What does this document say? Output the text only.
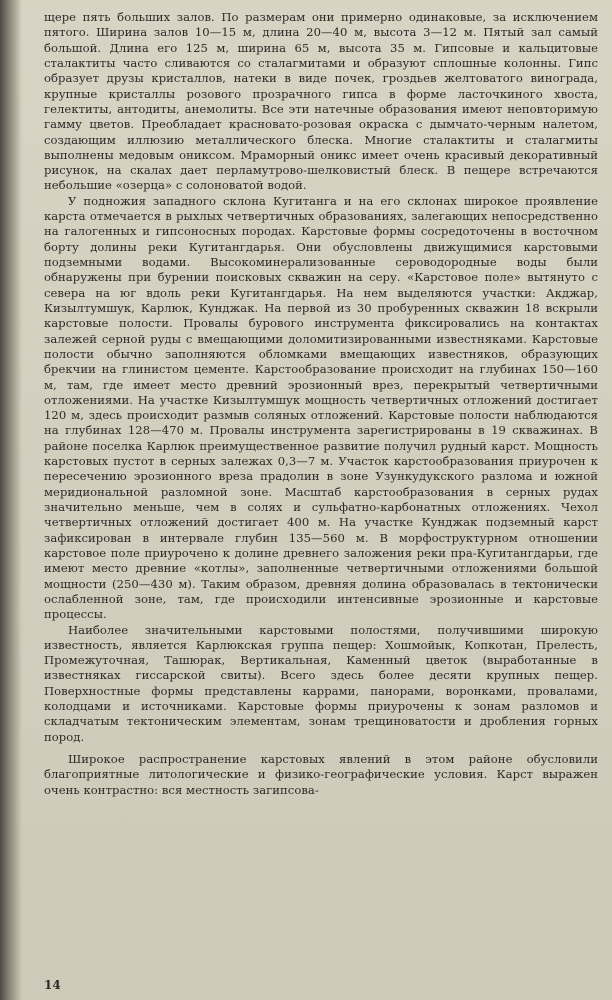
щере пять больших залов. По размерам они примерно одинаковые, за исключением пятого. Ширина залов 10—15 м, длина 20—40 м, высота 3—12 м. Пятый зал самый большой. Длина его 125 м, ширина 65 м, высота 35 м. Гипсовые и кальцитовые сталактиты часто сливаются со сталагмитами и образуют сплошные колонны. Гипс образует друзы кристаллов, натеки в виде почек, гроздьев желтоватого винограда, крупные кристаллы розового прозрачного гипса в форме ласточкиного хвоста, гелектиты, антодиты, анемолиты. Все эти натечные образования имеют неповторимую гамму цветов. Преобладает красновато-розовая окраска с дымчато-черным налетом, создающим иллюзию металлического блеска. Многие сталактиты и сталагмиты выполнены медовым ониксом. Мраморный оникс имеет очень красивый декоративный рисунок, на скалах дает перламутрово-шелковистый блеск. В пещере встречаются небольшие «озерца» с солоноватой водой.

У подножия западного склона Кугитанга и на его склонах широкое проявление карста отмечается в рыхлых четвертичных образованиях, залегающих непосредственно на галогенных и гипсоносных породах. Карстовые формы сосредоточены в восточном борту долины реки Кугитангдарья. Они обусловлены движущимися карстовыми подземными водами. Высокоминерализованные сероводородные воды были обнаружены при бурении поисковых скважин на серу. «Карстовое поле» вытянуто с севера на юг вдоль реки Кугитангдарья. На нем выделяются участки: Акджар, Кизылтумшук, Карлюк, Кунджак. На первой из 30 пробуренных скважин 18 вскрыли карстовые полости. Провалы бурового инструмента фиксировались на контактах залежей серной руды с вмещающими доломитизированными известняками. Карстовые полости обычно заполняются обломками вмещающих известняков, образующих брекчии на глинистом цементе. Карстообразование происходит на глубинах 150—160 м, там, где имеет место древний эрозионный врез, перекрытый четвертичными отложениями. На участке Кизылтумшук мощность четвертичных отложений достигает 120 м, здесь происходит размыв соляных отложений. Карстовые полости наблюдаются на глубинах 128—470 м. Провалы инструмента зарегистрированы в 19 скважинах. В районе поселка Карлюк преимущественное развитие получил рудный карст. Мощность карстовых пустот в серных залежах 0,3—7 м. Участок карстообразования приурочен к пересечению эрозионного вреза прадолин в зоне Узункудукского разлома и южной меридиональной разломной зоне. Масштаб карстообразования в серных рудах значительно меньше, чем в солях и сульфатно-карбонатных отложениях. Чехол четвертичных отложений достигает 400 м. На участке Кунджак подземный карст зафиксирован в интервале глубин 135—560 м. В морфоструктурном отношении карстовое поле приурочено к долине древнего заложения реки пра-Кугитангдарьи, где имеют место древние «котлы», заполненные четвертичными отложениями большой мощности (250—430 м). Таким образом, древняя долина образовалась в тектонически ослабленной зоне, там, где происходили интенсивные эрозионные и карстовые процессы.

Наиболее значительными карстовыми полостями, получившими широкую известность, является Карлюкская группа пещер: Хошмойык, Копкотан, Прелесть, Промежуточная, Ташюрак, Вертикальная, Каменный цветок (выработанные в известняках гиссарской свиты). Всего здесь более десяти крупных пещер. Поверхностные формы представлены каррами, панорами, воронками, провалами, колодцами и источниками. Карстовые формы приурочены к зонам разломов и складчатым тектоническим элементам, зонам трещиноватости и дробления горных пород.

Широкое распространение карстовых явлений в этом районе обусловили благоприятные литологические и физико-географические условия. Карст выражен очень контрастно: вся местность загипсова-

14
